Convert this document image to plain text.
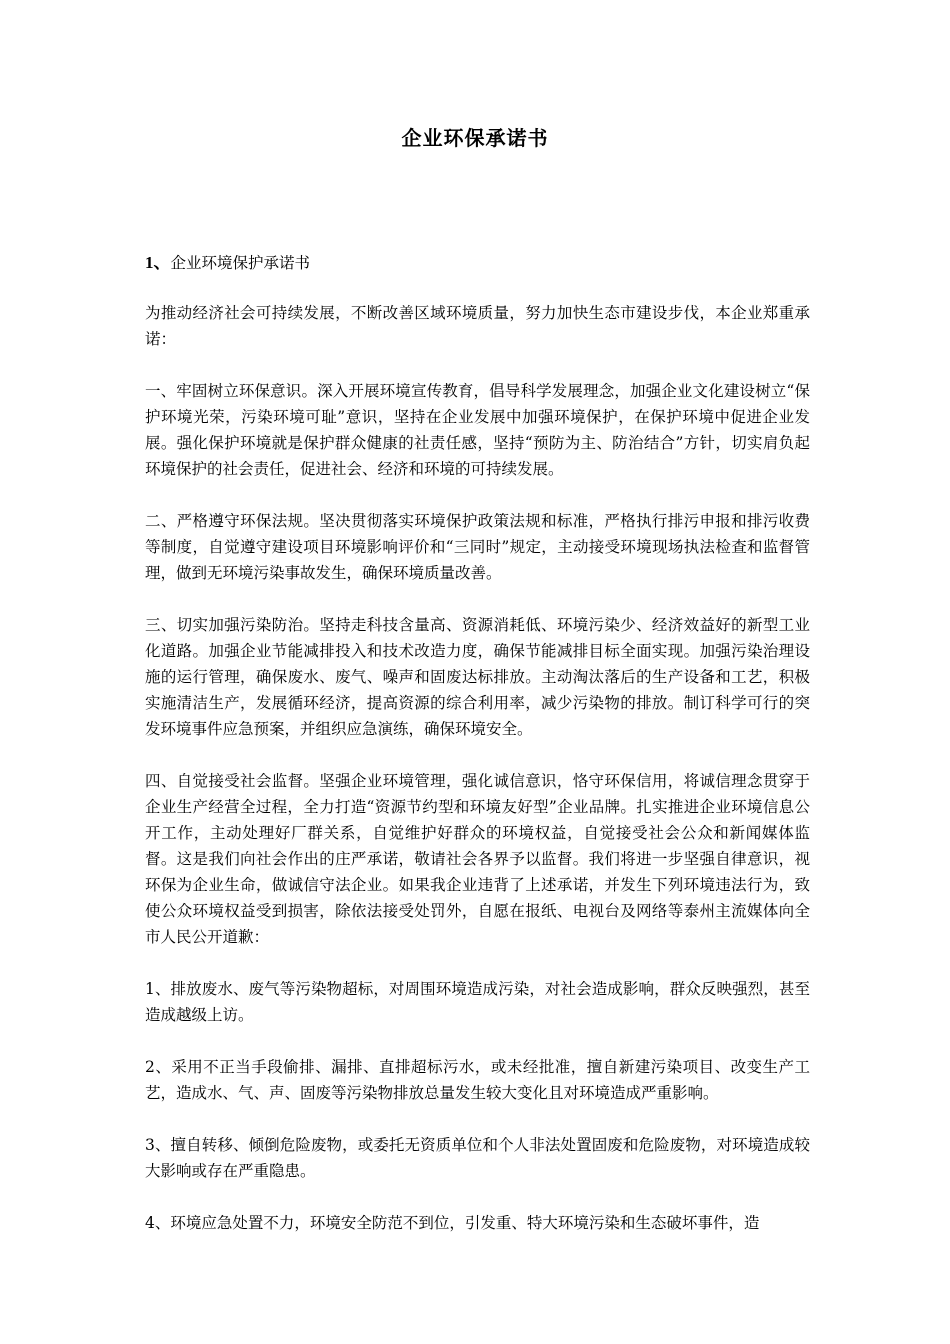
企业环保承诺书

1、企业环境保护承诺书

为推动经济社会可持续发展，不断改善区域环境质量，努力加快生态市建设步伐，本企业郑重承诺：

一、牢固树立环保意识。深入开展环境宣传教育，倡导科学发展理念，加强企业文化建设树立“保护环境光荣，污染环境可耻”意识，坚持在企业发展中加强环境保护，在保护环境中促进企业发展。强化保护环境就是保护群众健康的社责任感，坚持“预防为主、防治结合”方针，切实肩负起环境保护的社会责任，促进社会、经济和环境的可持续发展。

二、严格遵守环保法规。坚决贯彻落实环境保护政策法规和标准，严格执行排污申报和排污收费等制度，自觉遵守建设项目环境影响评价和“三同时”规定，主动接受环境现场执法检查和监督管理，做到无环境污染事故发生，确保环境质量改善。

三、切实加强污染防治。坚持走科技含量高、资源消耗低、环境污染少、经济效益好的新型工业化道路。加强企业节能减排投入和技术改造力度，确保节能减排目标全面实现。加强污染治理设施的运行管理，确保废水、废气、噪声和固废达标排放。主动淘汰落后的生产设备和工艺，积极实施清洁生产，发展循环经济，提高资源的综合利用率，减少污染物的排放。制订科学可行的突发环境事件应急预案，并组织应急演练，确保环境安全。

四、自觉接受社会监督。坚强企业环境管理，强化诚信意识，恪守环保信用，将诚信理念贯穿于企业生产经营全过程，全力打造“资源节约型和环境友好型”企业品牌。扎实推进企业环境信息公开工作，主动处理好厂群关系，自觉维护好群众的环境权益，自觉接受社会公众和新闻媒体监督。这是我们向社会作出的庄严承诺，敬请社会各界予以监督。我们将进一步坚强自律意识，视环保为企业生命，做诚信守法企业。如果我企业违背了上述承诺，并发生下列环境违法行为，致使公众环境权益受到损害，除依法接受处罚外，自愿在报纸、电视台及网络等泰州主流媒体向全市人民公开道歉：

1、排放废水、废气等污染物超标，对周围环境造成污染，对社会造成影响，群众反映强烈，甚至造成越级上访。

2、采用不正当手段偷排、漏排、直排超标污水，或未经批准，擅自新建污染项目、改变生产工艺，造成水、气、声、固废等污染物排放总量发生较大变化且对环境造成严重影响。

3、擅自转移、倾倒危险废物，或委托无资质单位和个人非法处置固废和危险废物，对环境造成较大影响或存在严重隐患。

4、环境应急处置不力，环境安全防范不到位，引发重、特大环境污染和生态破坏事件，造
